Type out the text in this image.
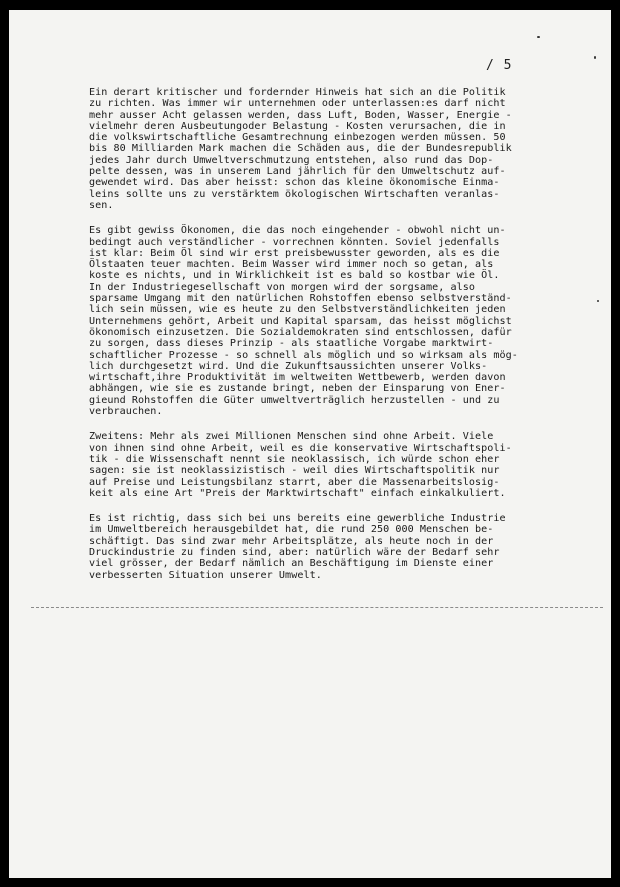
/ 5
Ein derart kritischer und fordernder Hinweis hat sich an die Politik
zu richten. Was immer wir unternehmen oder unterlassen:es darf nicht
mehr ausser Acht gelassen werden, dass Luft, Boden, Wasser, Energie -
vielmehr deren Ausbeutungoder Belastung - Kosten verursachen, die in
die volkswirtschaftliche Gesamtrechnung einbezogen werden müssen. 50
bis 80 Milliarden Mark machen die Schäden aus, die der Bundesrepublik
jedes Jahr durch Umweltverschmutzung entstehen, also rund das Dop-
pelte dessen, was in unserem Land jährlich für den Umweltschutz auf-
gewendet wird. Das aber heisst: schon das kleine ökonomische Einma-
leins sollte uns zu verstärktem ökologischen Wirtschaften veranlas-
sen.
Es gibt gewiss Ökonomen, die das noch eingehender - obwohl nicht un-
bedingt auch verständlicher - vorrechnen könnten. Soviel jedenfalls
ist klar: Beim Öl sind wir erst preisbewusster geworden, als es die
Ölstaaten teuer machten. Beim Wasser wird immer noch so getan, als
koste es nichts, und in Wirklichkeit ist es bald so kostbar wie Öl.
In der Industriegesellschaft von morgen wird der sorgsame, also
sparsame Umgang mit den natürlichen Rohstoffen ebenso selbstverständ-
lich sein müssen, wie es heute zu den Selbstverständlichkeiten jeden
Unternehmens gehört, Arbeit und Kapital sparsam, das heisst möglichst
ökonomisch einzusetzen. Die Sozialdemokraten sind entschlossen, dafür
zu sorgen, dass dieses Prinzip - als staatliche Vorgabe marktwirt-
schaftlicher Prozesse - so schnell als möglich und so wirksam als mög-
lich durchgesetzt wird. Und die Zukunftsaussichten unserer Volks-
wirtschaft,ihre Produktivität im weltweiten Wettbewerb, werden davon
abhängen, wie sie es zustande bringt, neben der Einsparung von Ener-
gieund Rohstoffen die Güter umweltverträglich herzustellen - und zu
verbrauchen.
Zweitens: Mehr als zwei Millionen Menschen sind ohne Arbeit. Viele
von ihnen sind ohne Arbeit, weil es die konservative Wirtschaftspoli-
tik - die Wissenschaft nennt sie neoklassisch, ich würde schon eher
sagen: sie ist neoklassizistisch - weil dies Wirtschaftspolitik nur
auf Preise und Leistungsbilanz starrt, aber die Massenarbeitslosig-
keit als eine Art "Preis der Marktwirtschaft" einfach einkalkuliert.
Es ist richtig, dass sich bei uns bereits eine gewerbliche Industrie
im Umweltbereich herausgebildet hat, die rund 250 000 Menschen be-
schäftigt. Das sind zwar mehr Arbeitsplätze, als heute noch in der
Druckindustrie zu finden sind, aber: natürlich wäre der Bedarf sehr
viel grösser, der Bedarf nämlich an Beschäftigung im Dienste einer
verbesserten Situation unserer Umwelt.
